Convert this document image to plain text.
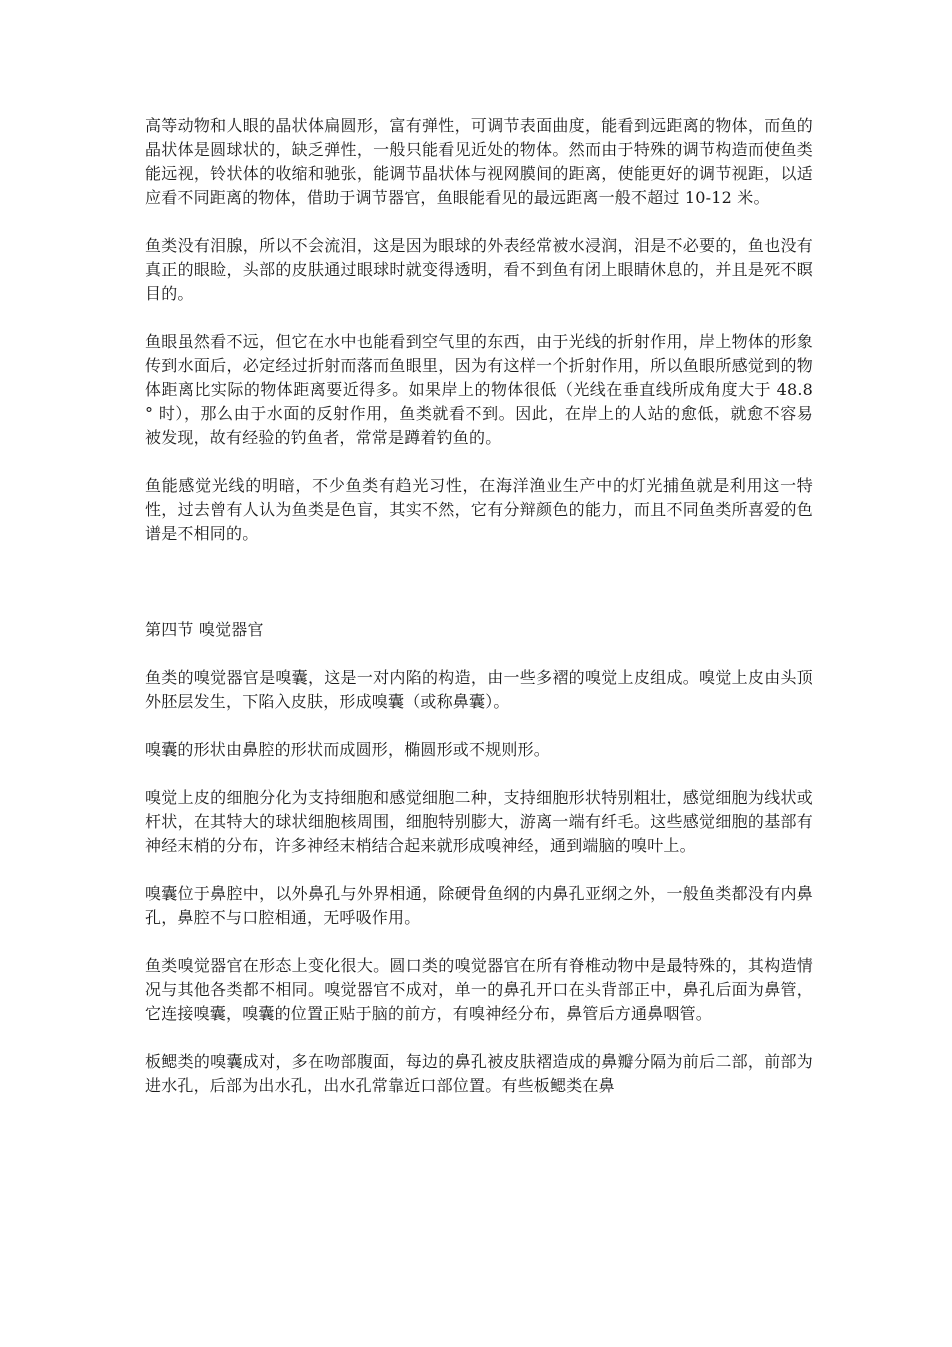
高等动物和人眼的晶状体扁圆形，富有弹性，可调节表面曲度，能看到远距离的物体，而鱼的晶状体是圆球状的，缺乏弹性，一般只能看见近处的物体。然而由于特殊的调节构造而使鱼类能远视，铃状体的收缩和驰张，能调节晶状体与视网膜间的距离，使能更好的调节视距，以适应看不同距离的物体，借助于调节器官，鱼眼能看见的最远距离一般不超过 10-12 米。

鱼类没有泪腺，所以不会流泪，这是因为眼球的外表经常被水浸润，泪是不必要的，鱼也没有真正的眼睑，头部的皮肤通过眼球时就变得透明，看不到鱼有闭上眼睛休息的，并且是死不瞑目的。

鱼眼虽然看不远，但它在水中也能看到空气里的东西，由于光线的折射作用，岸上物体的形象传到水面后，必定经过折射而落而鱼眼里，因为有这样一个折射作用，所以鱼眼所感觉到的物体距离比实际的物体距离要近得多。如果岸上的物体很低（光线在垂直线所成角度大于 48.8 ° 时），那么由于水面的反射作用，鱼类就看不到。因此，在岸上的人站的愈低，就愈不容易被发现，故有经验的钓鱼者，常常是蹲着钓鱼的。

鱼能感觉光线的明暗，不少鱼类有趋光习性，在海洋渔业生产中的灯光捕鱼就是利用这一特性，过去曾有人认为鱼类是色盲，其实不然，它有分辩颜色的能力，而且不同鱼类所喜爱的色谱是不相同的。

第四节 嗅觉器官

鱼类的嗅觉器官是嗅囊，这是一对内陷的构造，由一些多褶的嗅觉上皮组成。嗅觉上皮由头顶外胚层发生，下陷入皮肤，形成嗅囊（或称鼻囊）。

嗅囊的形状由鼻腔的形状而成圆形，椭圆形或不规则形。

嗅觉上皮的细胞分化为支持细胞和感觉细胞二种，支持细胞形状特别粗壮，感觉细胞为线状或杆状，在其特大的球状细胞核周围，细胞特别膨大，游离一端有纤毛。这些感觉细胞的基部有神经末梢的分布，许多神经末梢结合起来就形成嗅神经，通到端脑的嗅叶上。

嗅囊位于鼻腔中，以外鼻孔与外界相通，除硬骨鱼纲的内鼻孔亚纲之外，一般鱼类都没有内鼻孔，鼻腔不与口腔相通，无呼吸作用。

鱼类嗅觉器官在形态上变化很大。圆口类的嗅觉器官在所有脊椎动物中是最特殊的，其构造情况与其他各类都不相同。嗅觉器官不成对，单一的鼻孔开口在头背部正中，鼻孔后面为鼻管，它连接嗅囊，嗅囊的位置正贴于脑的前方，有嗅神经分布，鼻管后方通鼻咽管。

板鳃类的嗅囊成对，多在吻部腹面，每边的鼻孔被皮肤褶造成的鼻瓣分隔为前后二部，前部为进水孔，后部为出水孔，出水孔常靠近口部位置。有些板鳃类在鼻
